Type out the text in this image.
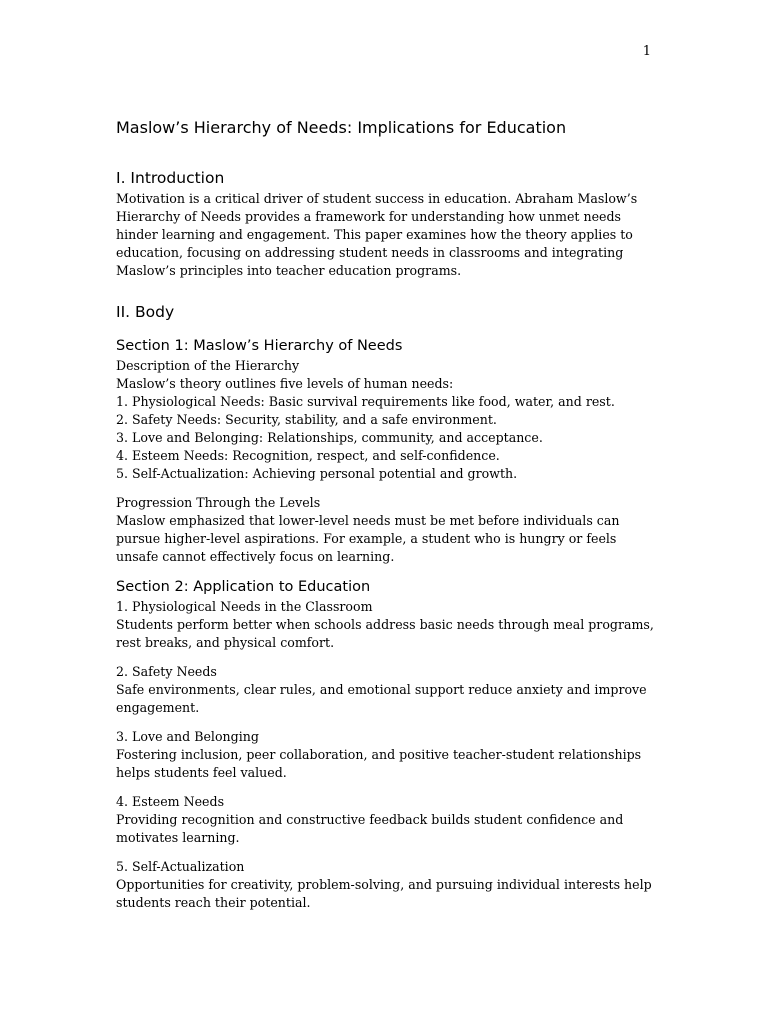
1
Maslow’s Hierarchy of Needs: Implications for Education
I. Introduction

Motivation is a critical driver of student success in education. Abraham Maslow’s Hierarchy of Needs provides a framework for understanding how unmet needs hinder learning and engagement. This paper examines how the theory applies to education, focusing on addressing student needs in classrooms and integrating Maslow’s principles into teacher education programs.

II. Body
Section 1: Maslow’s Hierarchy of Needs
Description of the Hierarchy
Maslow’s theory outlines five levels of human needs:
1. Physiological Needs: Basic survival requirements like food, water, and rest.
2. Safety Needs: Security, stability, and a safe environment.
3. Love and Belonging: Relationships, community, and acceptance.
4. Esteem Needs: Recognition, respect, and self-confidence.
5. Self-Actualization: Achieving personal potential and growth.
Progression Through the Levels

Maslow emphasized that lower-level needs must be met before individuals can pursue higher-level aspirations. For example, a student who is hungry or feels unsafe cannot effectively focus on learning.

Section 2: Application to Education
1. Physiological Needs in the Classroom

Students perform better when schools address basic needs through meal programs, rest breaks, and physical comfort.

2. Safety Needs

Safe environments, clear rules, and emotional support reduce anxiety and improve engagement.

3. Love and Belonging

Fostering inclusion, peer collaboration, and positive teacher-student relationships helps students feel valued.

4. Esteem Needs

Providing recognition and constructive feedback builds student confidence and motivates learning.

5. Self-Actualization

Opportunities for creativity, problem-solving, and pursuing individual interests help students reach their potential.
